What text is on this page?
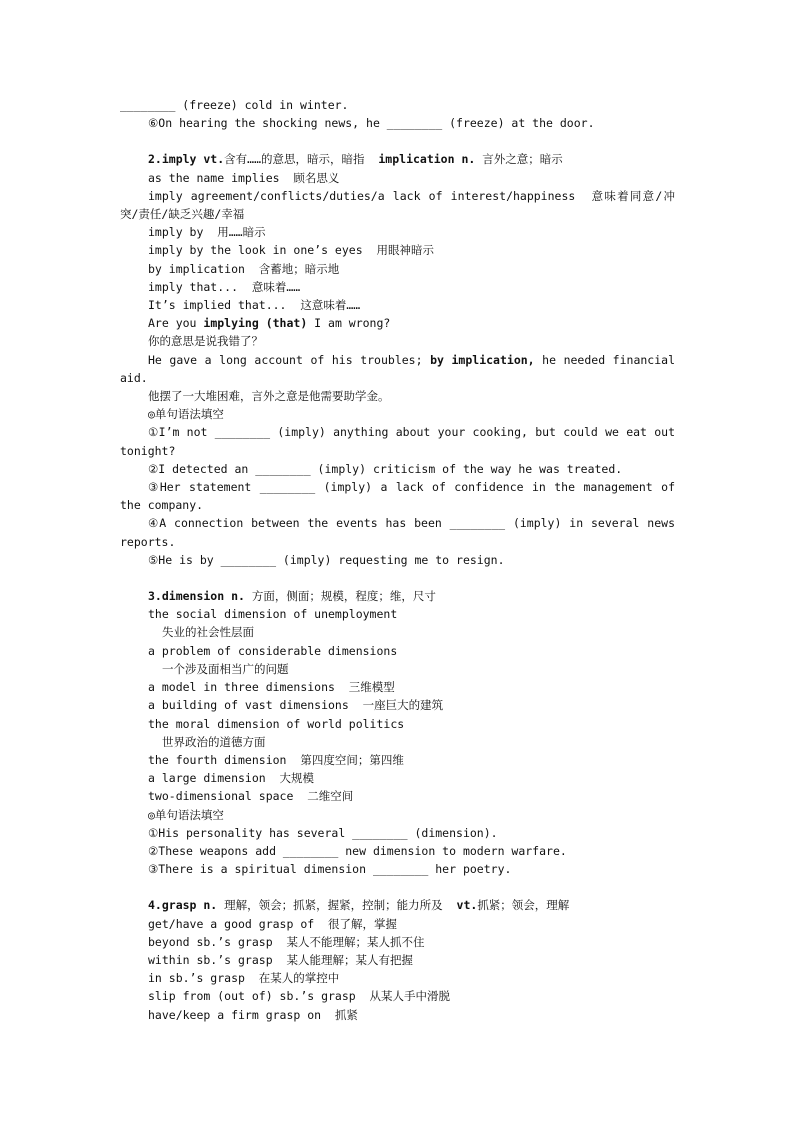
________ (freeze) cold in winter.
⑥On hearing the shocking news, he ________ (freeze) at the door.
2.imply vt.含有……的意思，暗示，暗指  implication n. 言外之意；暗示
as the name implies  顾名思义
imply agreement/conflicts/duties/a lack of interest/happiness  意味着同意/冲突/责任/缺乏兴趣/幸福
imply by  用……暗示
imply by the look in one’s eyes  用眼神暗示
by implication  含蓄地；暗示地
imply that...  意味着……
It’s implied that...  这意味着……
Are you implying (that) I am wrong?
你的意思是说我错了？
He gave a long account of his troubles; by implication, he needed financial aid.
他摆了一大堆困难，言外之意是他需要助学金。
◎单句语法填空
①I’m not ________ (imply) anything about your cooking, but could we eat out tonight?
②I detected an ________ (imply) criticism of the way he was treated.
③Her statement ________ (imply) a lack of confidence in the management of the company.
④A connection between the events has been ________ (imply) in several news reports.
⑤He is by ________ (imply) requesting me to resign.
3.dimension n. 方面，侧面；规模，程度；维，尺寸
the social dimension of unemployment
失业的社会性层面
a problem of considerable dimensions
一个涉及面相当广的问题
a model in three dimensions  三维模型
a building of vast dimensions  一座巨大的建筑
the moral dimension of world politics
世界政治的道德方面
the fourth dimension  第四度空间；第四维
a large dimension  大规模
two-dimensional space  二维空间
◎单句语法填空
①His personality has several ________ (dimension).
②These weapons add ________ new dimension to modern warfare.
③There is a spiritual dimension ________ her poetry.
4.grasp n. 理解，领会；抓紧，握紧，控制；能力所及  vt.抓紧；领会，理解
get/have a good grasp of  很了解，掌握
beyond sb.’s grasp  某人不能理解；某人抓不住
within sb.’s grasp  某人能理解；某人有把握
in sb.’s grasp  在某人的掌控中
slip from (out of) sb.’s grasp  从某人手中滑脱
have/keep a firm grasp on  抓紧
